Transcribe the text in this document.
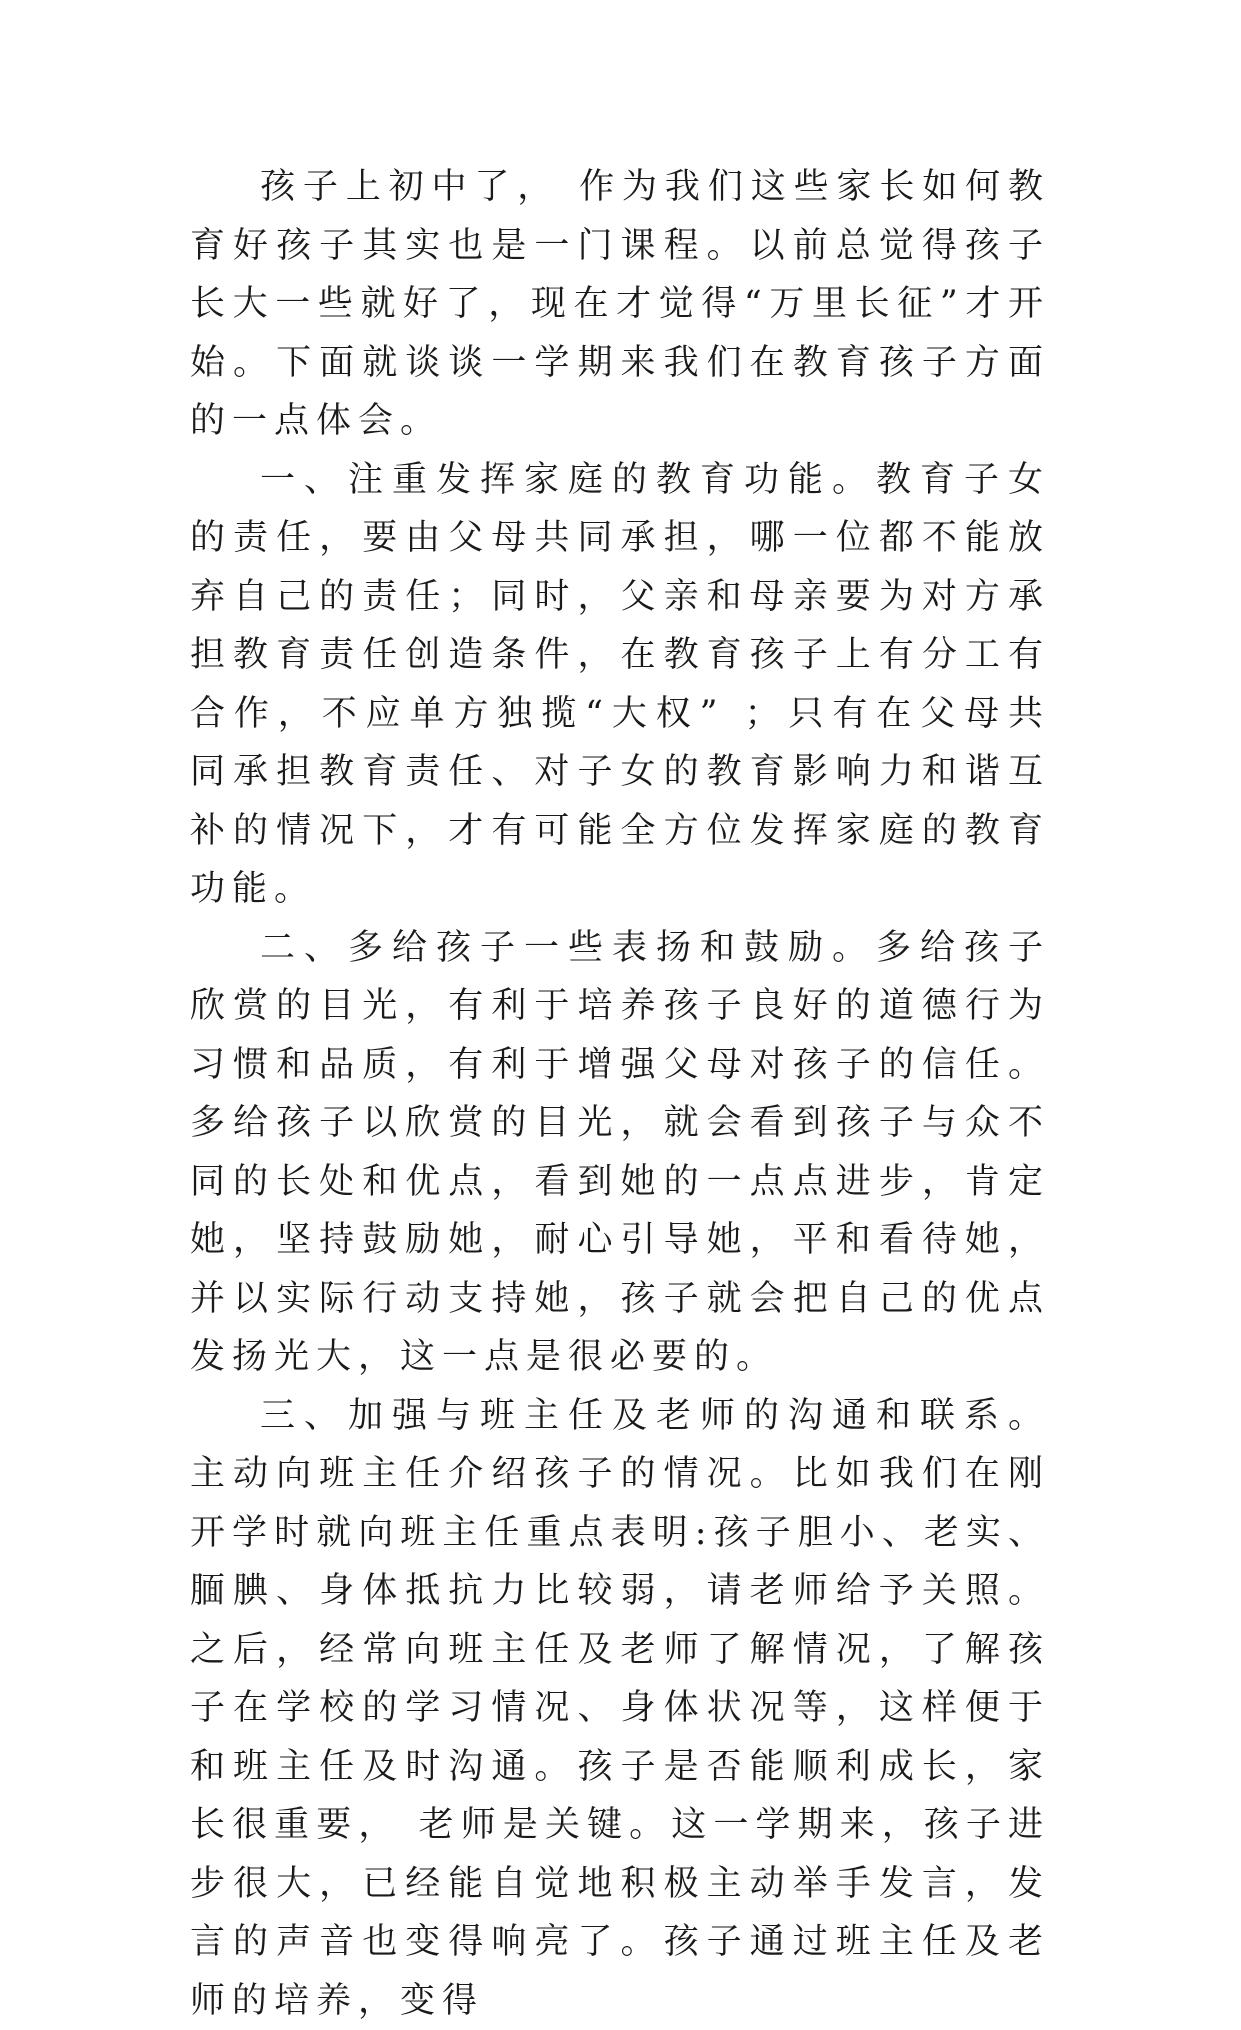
孩子上初中了， 作为我们这些家长如何教育好孩子其实也是一门课程。以前总觉得孩子长大一些就好了，现在才觉得“万里长征”才开始。下面就谈谈一学期来我们在教育孩子方面的一点体会。

一、注重发挥家庭的教育功能。教育子女的责任，要由父母共同承担，哪一位都不能放弃自己的责任；同时，父亲和母亲要为对方承担教育责任创造条件，在教育孩子上有分工有合作，不应单方独揽“大权” ；只有在父母共同承担教育责任、对子女的教育影响力和谐互补的情况下，才有可能全方位发挥家庭的教育功能。

二、多给孩子一些表扬和鼓励。多给孩子欣赏的目光，有利于培养孩子良好的道德行为 习惯和品质，有利于增强父母对孩子的信任。多给孩子以欣赏的目光，就会看到孩子与众不同的长处和优点，看到她的一点点进步，肯定她，坚持鼓励她，耐心引导她，平和看待她，并以实际行动支持她，孩子就会把自己的优点发扬光大，这一点是很必要的。

三、加强与班主任及老师的沟通和联系。主动向班主任介绍孩子的情况。比如我们在刚开学时就向班主任重点表明:孩子胆小、老实、腼腆、身体抵抗力比较弱，请老师给予关照。之后，经常向班主任及老师了解情况，了解孩子在学校的学习情况、身体状况等，这样便于和班主任及时沟通。孩子是否能顺利成长，家长很重要， 老师是关键。这一学期来，孩子进步很大，已经能自觉地积极主动举手发言，发言的声音也变得响亮了。孩子通过班主任及老师的培养，变得
